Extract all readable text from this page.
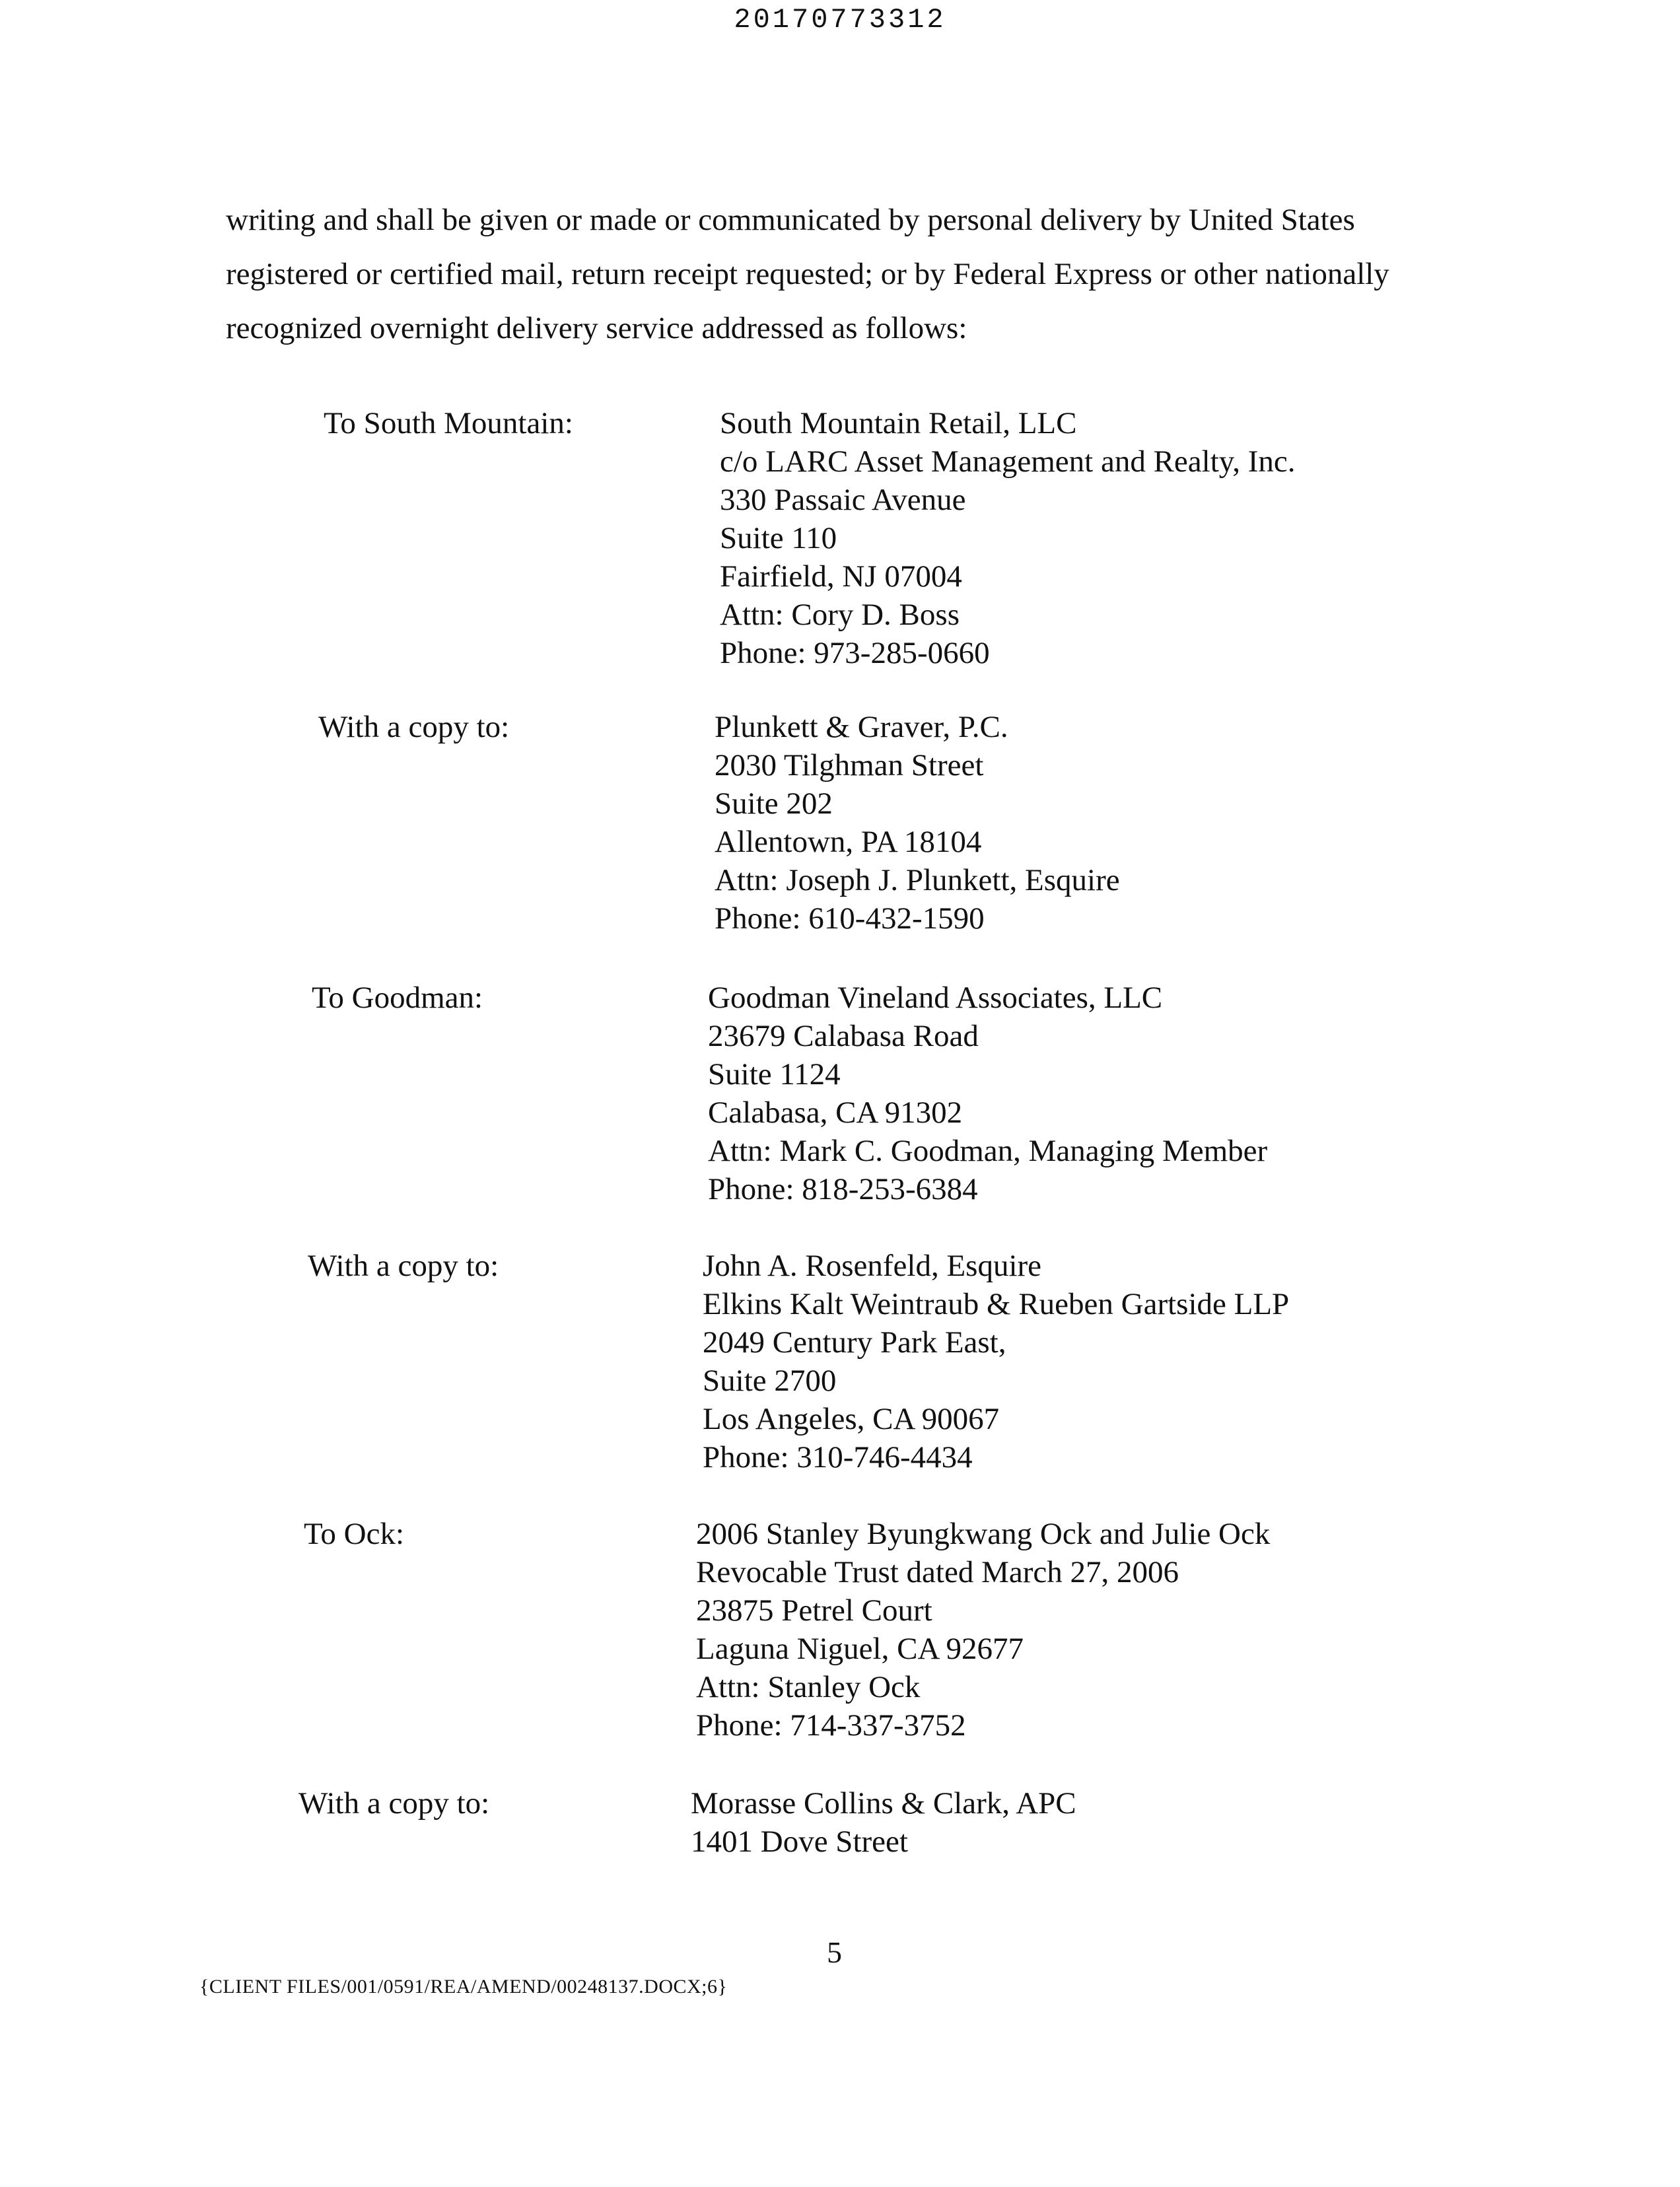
20170773312
writing and shall be given or made or communicated by personal delivery by United States
registered or certified mail, return receipt requested; or by Federal Express or other nationally
recognized overnight delivery service addressed as follows:
To South Mountain:	South Mountain Retail, LLC
c/o LARC Asset Management and Realty, Inc.
330 Passaic Avenue
Suite 110
Fairfield, NJ 07004
Attn: Cory D. Boss
Phone: 973-285-0660
With a copy to:	Plunkett & Graver, P.C.
2030 Tilghman Street
Suite 202
Allentown, PA 18104
Attn: Joseph J. Plunkett, Esquire
Phone: 610-432-1590
To Goodman:	Goodman Vineland Associates, LLC
23679 Calabasa Road
Suite 1124
Calabasa, CA 91302
Attn: Mark C. Goodman, Managing Member
Phone: 818-253-6384
With a copy to:	John A. Rosenfeld, Esquire
Elkins Kalt Weintraub & Rueben Gartside LLP
2049 Century Park East,
Suite 2700
Los Angeles, CA 90067
Phone: 310-746-4434
To Ock:	2006 Stanley Byungkwang Ock and Julie Ock
Revocable Trust dated March 27, 2006
23875 Petrel Court
Laguna Niguel, CA 92677
Attn: Stanley Ock
Phone: 714-337-3752
With a copy to:	Morasse Collins & Clark, APC
1401 Dove Street
5
{CLIENT FILES/001/0591/REA/AMEND/00248137.DOCX;6}
